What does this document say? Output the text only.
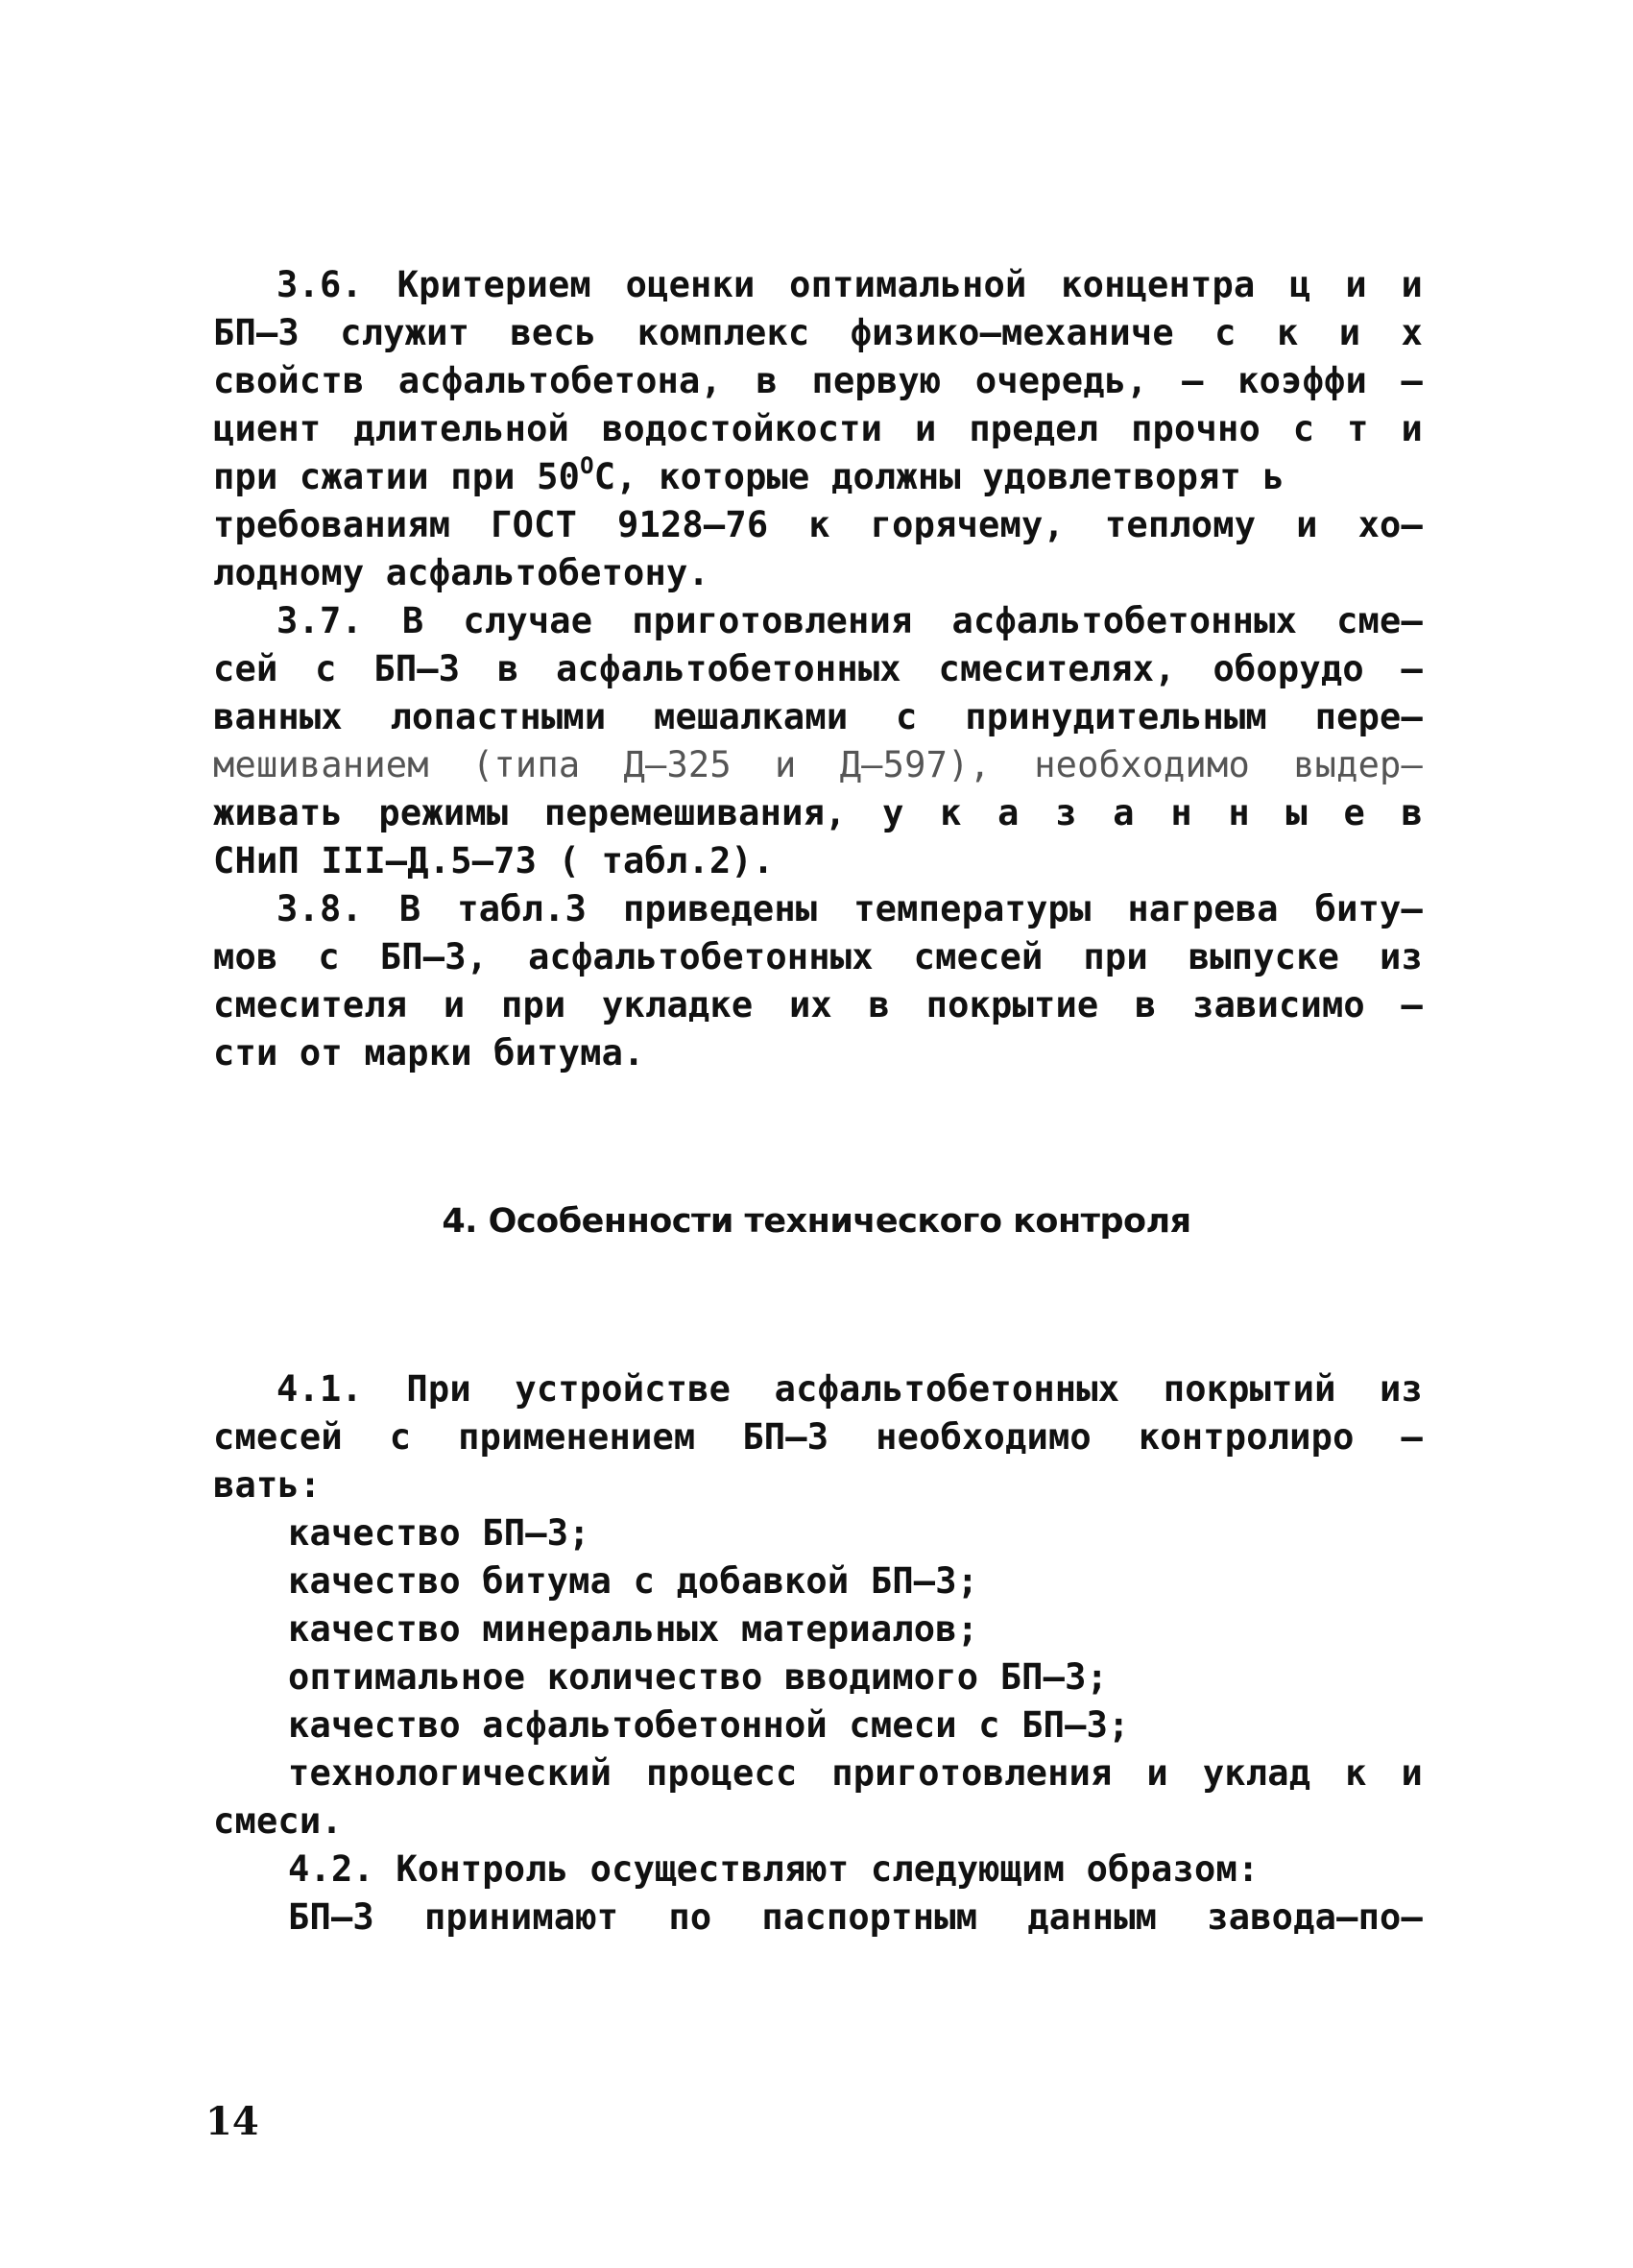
3.6. Критерием оценки оптимальной концентра ц и и
БП–3 служит весь комплекс физико–механиче с к и х
свойств асфальтобетона, в первую очередь, – коэффи –
циент длительной водостойкости и предел прочно с т и
при сжатии при $50^OС$, которые должны удовлетворят ь
требованиям ГОСТ 9128–76 к горячему, теплому и хо–
лодному асфальтобетону.
3.7. В случае приготовления асфальтобетонных сме–
сей с БП–3 в асфальтобетонных смесителях, оборудо –
ванных лопастными мешалками с принудительным пере–
мешиванием (типа Д–325 и Д–597), необходимо выдер–
живать режимы перемешивания, у к а з а н н ы е в
СНиП III–Д.5–73 ( табл.2).
3.8. В табл.3 приведены температуры нагрева биту–
мов с БП–3, асфальтобетонных смесей при выпуске из
смесителя и при укладке их в покрытие в зависимо –
сти от марки битума.
4. Особенности технического контроля
4.1. При устройстве асфальтобетонных покрытий из
смесей с применением БП–3 необходимо контролиро –
вать:
качество БП–3;
качество битума с добавкой БП–3;
качество минеральных материалов;
оптимальное количество вводимого БП–3;
качество асфальтобетонной смеси с БП–3;
технологический процесс приготовления и уклад к и
смеси.
4.2. Контроль осуществляют следующим образом:
БП–3 принимают по паспортным данным завода–по–
14
